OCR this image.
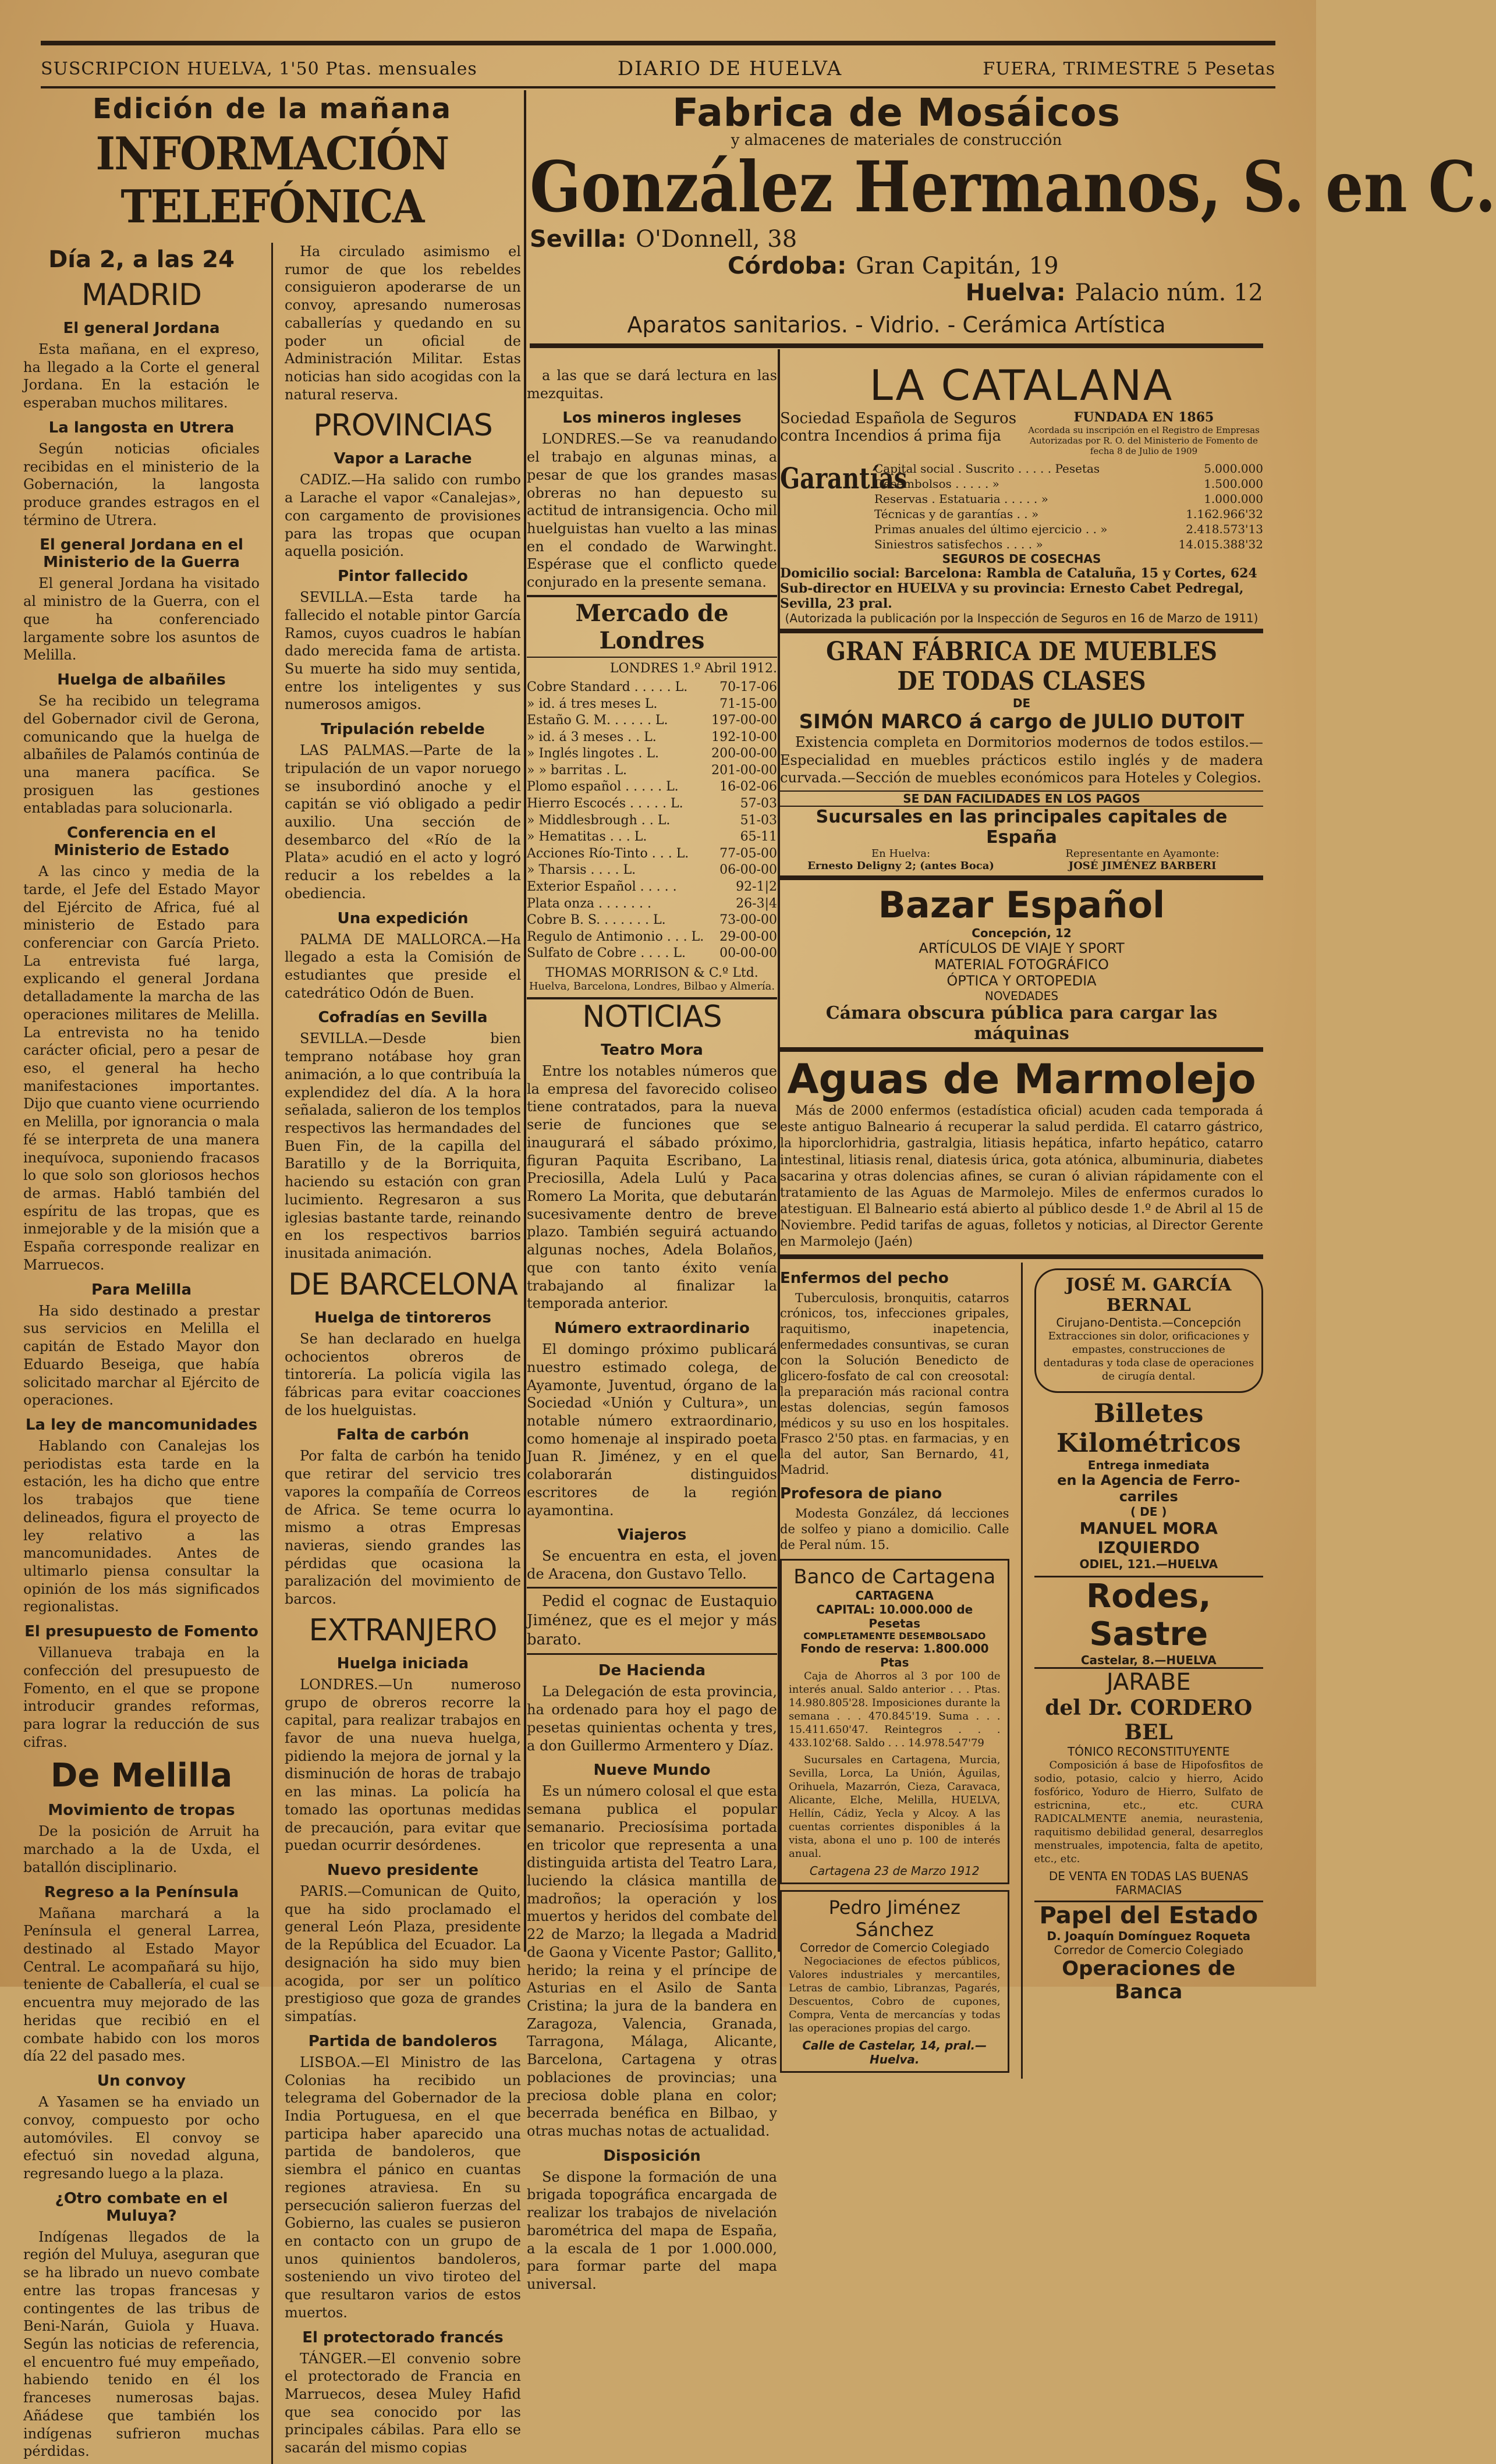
SUSCRIPCION HUELVA, 1'50 Ptas. mensuales	DIARIO DE HUELVA	FUERA, TRIMESTRE 5 Pesetas
Edición de la mañana
INFORMACIÓN TELEFÓNICA
Día 2, a las 24
MADRID
El general Jordana

Esta mañana, en el expreso, ha llegado a la Corte el general Jordana. En la estación le esperaban muchos militares.

La langosta en Utrera

Según noticias oficiales recibidas en el ministerio de la Gobernación, la langosta produce grandes estragos en el término de Utrera.

El general Jordana en el Ministerio de la Guerra

El general Jordana ha visitado al ministro de la Guerra, con el que ha conferenciado largamente sobre los asuntos de Melilla.

Huelga de albañiles

Se ha recibido un telegrama del Gobernador civil de Gerona, comunicando que la huelga de albañiles de Palamós continúa de una manera pacífica. Se prosiguen las gestiones entabladas para solucionarla.

Conferencia en el Ministerio de Estado

A las cinco y media de la tarde, el Jefe del Estado Mayor del Ejército de Africa, fué al ministerio de Estado para conferenciar con García Prieto. La entrevista fué larga, explicando el general Jordana detalladamente la marcha de las operaciones militares de Melilla. La entrevista no ha tenido carácter oficial, pero a pesar de eso, el general ha hecho manifestaciones importantes. Dijo que cuanto viene ocurriendo en Melilla, por ignorancia o mala fé se interpreta de una manera inequívoca, suponiendo fracasos lo que solo son gloriosos hechos de armas. Habló también del espíritu de las tropas, que es inmejorable y de la misión que a España corresponde realizar en Marruecos.

Para Melilla

Ha sido destinado a prestar sus servicios en Melilla el capitán de Estado Mayor don Eduardo Beseiga, que había solicitado marchar al Ejército de operaciones.

La ley de mancomunidades

Hablando con Canalejas los periodistas esta tarde en la estación, les ha dicho que entre los trabajos que tiene delineados, figura el proyecto de ley relativo a las mancomunidades. Antes de ultimarlo piensa consultar la opinión de los más significados regionalistas.

El presupuesto de Fomento

Villanueva trabaja en la confección del presupuesto de Fomento, en el que se propone introducir grandes reformas, para lograr la reducción de sus cifras.

De Melilla
Movimiento de tropas

De la posición de Arruit ha marchado a la de Uxda, el batallón disciplinario.

Regreso a la Península

Mañana marchará a la Península el general Larrea, destinado al Estado Mayor Central. Le acompañará su hijo, teniente de Caballería, el cual se encuentra muy mejorado de las heridas que recibió en el combate habido con los moros día 22 del pasado mes.

Un convoy

A Yasamen se ha enviado un convoy, compuesto por ocho automóviles. El convoy se efectuó sin novedad alguna, regresando luego a la plaza.

¿Otro combate en el Muluya?

Indígenas llegados de la región del Muluya, aseguran que se ha librado un nuevo combate entre las tropas francesas y contingentes de las tribus de Beni-Narán, Guiola y Huava. Según las noticias de referencia, el encuentro fué muy empeñado, habiendo tenido en él los franceses numerosas bajas. Añádese que también los indígenas sufrieron muchas pérdidas.

Ha circulado asimismo el rumor de que los rebeldes consiguieron apoderarse de un convoy, apresando numerosas caballerías y quedando en su poder un oficial de Administración Militar. Estas noticias han sido acogidas con la natural reserva.

PROVINCIAS
Vapor a Larache

CADIZ.—Ha salido con rumbo a Larache el vapor «Canalejas», con cargamento de provisiones para las tropas que ocupan aquella posición.

Pintor fallecido

SEVILLA.—Esta tarde ha fallecido el notable pintor García Ramos, cuyos cuadros le habían dado merecida fama de artista. Su muerte ha sido muy sentida, entre los inteligentes y sus numerosos amigos.

Tripulación rebelde

LAS PALMAS.—Parte de la tripulación de un vapor noruego se insubordinó anoche y el capitán se vió obligado a pedir auxilio. Una sección de desembarco del «Río de la Plata» acudió en el acto y logró reducir a los rebeldes a la obediencia.

Una expedición

PALMA DE MALLORCA.—Ha llegado a esta la Comisión de estudiantes que preside el catedrático Odón de Buen.

Cofradías en Sevilla

SEVILLA.—Desde bien temprano notábase hoy gran animación, a lo que contribuía la explendidez del día. A la hora señalada, salieron de los templos respectivos las hermandades del Buen Fin, de la capilla del Baratillo y de la Borriquita, haciendo su estación con gran lucimiento. Regresaron a sus iglesias bastante tarde, reinando en los respectivos barrios inusitada animación.

DE BARCELONA
Huelga de tintoreros

Se han declarado en huelga ochocientos obreros de tintorería. La policía vigila las fábricas para evitar coacciones de los huelguistas.

Falta de carbón

Por falta de carbón ha tenido que retirar del servicio tres vapores la compañía de Correos de Africa. Se teme ocurra lo mismo a otras Empresas navieras, siendo grandes las pérdidas que ocasiona la paralización del movimiento de barcos.

EXTRANJERO
Huelga iniciada

LONDRES.—Un numeroso grupo de obreros recorre la capital, para realizar trabajos en favor de una nueva huelga, pidiendo la mejora de jornal y la disminución de horas de trabajo en las minas. La policía ha tomado las oportunas medidas de precaución, para evitar que puedan ocurrir desórdenes.

Nuevo presidente

PARIS.—Comunican de Quito, que ha sido proclamado el general León Plaza, presidente de la República del Ecuador. La designación ha sido muy bien acogida, por ser un político prestigioso que goza de grandes simpatías.

Partida de bandoleros

LISBOA.—El Ministro de las Colonias ha recibido un telegrama del Gobernador de la India Portuguesa, en el que participa haber aparecido una partida de bandoleros, que siembra el pánico en cuantas regiones atraviesa. En su persecución salieron fuerzas del Gobierno, las cuales se pusieron en contacto con un grupo de unos quinientos bandoleros, sosteniendo un vivo tiroteo del que resultaron varios de estos muertos.

El protectorado francés

TÁNGER.—El convenio sobre el protectorado de Francia en Marruecos, desea Muley Hafid que sea conocido por las principales cábilas. Para ello se sacarán del mismo copias

Fabrica de Mosáicos
y almacenes de materiales de construcción
González Hermanos, S. en C.
Sevilla: O'Donnell, 38
Córdoba: Gran Capitán, 19
Huelva: Palacio núm. 12
Aparatos sanitarios. - Vidrio. - Cerámica Artística

a las que se dará lectura en las mezquitas.

Los mineros ingleses

LONDRES.—Se va reanudando el trabajo en algunas minas, a pesar de que los grandes masas obreras no han depuesto su actitud de intransigencia. Ocho mil huelguistas han vuelto a las minas en el condado de Warwinght. Espérase que el conflicto quede conjurado en la presente semana.

Mercado de Londres
LONDRES 1.º Abril 1912.
Cobre Standard . . . . . L. 70-17-06
» id. á tres meses L.	71-15-00
Estaño G. M. . . . . . L.	197-00-00
» id. á 3 meses . . L.	192-10-00
» Inglés lingotes . L.	200-00-00
» » barritas . L.	201-00-00
Plomo español . . . . . L.	16-02-06
Hierro Escocés . . . . . L.	57-03
» Middlesbrough . . L.	51-03
» Hematitas . . . L.	65-11
Acciones Río-Tinto . . . L. 77-05-00
» Tharsis . . . . L.	06-00-00
Exterior Español . . . . .	92-1|2
Plata onza . . . . . . .	26-3|4
Cobre B. S. . . . . . . L.	73-00-00
Regulo de Antimonio . . . L. 29-00-00
Sulfato de Cobre . . . . L.	00-00-00
THOMAS MORRISON & C.º Ltd.
Huelva, Barcelona, Londres, Bilbao y Almería.
NOTICIAS
Teatro Mora

Entre los notables números que la empresa del favorecido coliseo tiene contratados, para la nueva serie de funciones que se inaugurará el sábado próximo, figuran Paquita Escribano, La Preciosilla, Adela Lulú y Paca Romero La Morita, que debutarán sucesivamente dentro de breve plazo. También seguirá actuando algunas noches, Adela Bolaños, que con tanto éxito venía trabajando al finalizar la temporada anterior.

Número extraordinario

El domingo próximo publicará nuestro estimado colega, de Ayamonte, Juventud, órgano de la Sociedad «Unión y Cultura», un notable número extraordinario, como homenaje al inspirado poeta Juan R. Jiménez, y en el que colaborarán distinguidos escritores de la región ayamontina.

Viajeros

Se encuentra en esta, el joven de Aracena, don Gustavo Tello.

Pedid el cognac de Eustaquio Jiménez, que es el mejor y más barato.

De Hacienda

La Delegación de esta provincia, ha ordenado para hoy el pago de pesetas quinientas ochenta y tres, a don Guillermo Armentero y Díaz.

Nueve Mundo

Es un número colosal el que esta semana publica el popular semanario. Preciosísima portada en tricolor que representa a una distinguida artista del Teatro Lara, luciendo la clásica mantilla de madroños; la operación y los muertos y heridos del combate del 22 de Marzo; la llegada a Madrid de Gaona y Vicente Pastor; Gallito, herido; la reina y el príncipe de Asturias en el Asilo de Santa Cristina; la jura de la bandera en Zaragoza, Valencia, Granada, Tarragona, Málaga, Alicante, Barcelona, Cartagena y otras poblaciones de provincias; una preciosa doble plana en color; becerrada benéfica en Bilbao, y otras muchas notas de actualidad.

Disposición

Se dispone la formación de una brigada topográfica encargada de realizar los trabajos de nivelación barométrica del mapa de España, a la escala de 1 por 1.000.000, para formar parte del mapa universal.

LA CATALANA
Sociedad Española de Seguros contra Incendios á prima fija
FUNDADA EN 1865
Acordada su inscripción en el Registro de Empresas Autorizadas por R. O. del Ministerio de Fomento de fecha 8 de Julio de 1909
Garantías
Capital social . Suscrito . . . . . Pesetas	5.000.000
Desembolsos . . . . . »	1.500.000
Reservas . Estatuaria . . . . . »	1.000.000
Técnicas y de garantías . . »	1.162.966'32
Primas anuales del último ejercicio . . »	2.418.573'13
Siniestros satisfechos . . . . »	14.015.388'32
SEGUROS DE COSECHAS
Domicilio social: Barcelona: Rambla de Cataluña, 15 y Cortes, 624
Sub-director en HUELVA y su provincia: Ernesto Cabet Pedregal, Sevilla, 23 pral.
(Autorizada la publicación por la Inspección de Seguros en 16 de Marzo de 1911)
GRAN FÁBRICA DE MUEBLES DE TODAS CLASES
DE
SIMÓN MARCO á cargo de JULIO DUTOIT

Existencia completa en Dormitorios modernos de todos estilos.—Especialidad en muebles prácticos estilo inglés y de madera curvada.—Sección de muebles económicos para Hoteles y Colegios.

SE DAN FACILIDADES EN LOS PAGOS
Sucursales en las principales capitales de España
En Huelva:
Ernesto Deligny 2; (antes Boca)
Representante en Ayamonte:
JOSÉ JIMÉNEZ BARBERI
Bazar Español
Concepción, 12
ARTÍCULOS DE VIAJE Y SPORT
MATERIAL FOTOGRÁFICO
ÓPTICA Y ORTOPEDIA
NOVEDADES
Cámara obscura pública para cargar las máquinas
Aguas de Marmolejo

Más de 2000 enfermos (estadística oficial) acuden cada temporada á este antiguo Balneario á recuperar la salud perdida. El catarro gástrico, la hiporclorhidria, gastralgia, litiasis hepática, infarto hepático, catarro intestinal, litiasis renal, diatesis úrica, gota atónica, albuminuria, diabetes sacarina y otras dolencias afines, se curan ó alivian rápidamente con el tratamiento de las Aguas de Marmolejo. Miles de enfermos curados lo atestiguan. El Balneario está abierto al público desde 1.º de Abril al 15 de Noviembre. Pedid tarifas de aguas, folletos y noticias, al Director Gerente en Marmolejo (Jaén)

Enfermos del pecho

Tuberculosis, bronquitis, catarros crónicos, tos, infecciones gripales, raquitismo, inapetencia, enfermedades consuntivas, se curan con la Solución Benedicto de glicero-fosfato de cal con creosotal: la preparación más racional contra estas dolencias, según famosos médicos y su uso en los hospitales. Frasco 2'50 ptas. en farmacias, y en la del autor, San Bernardo, 41, Madrid.

Profesora de piano

Modesta González, dá lecciones de solfeo y piano a domicilio. Calle de Peral núm. 15.

Banco de Cartagena
CARTAGENA
CAPITAL: 10.000.000 de Pesetas
COMPLETAMENTE DESEMBOLSADO
Fondo de reserva: 1.800.000 Ptas

Caja de Ahorros al 3 por 100 de interés anual. Saldo anterior . . . Ptas. 14.980.805'28. Imposiciones durante la semana . . . 470.845'19. Suma . . . 15.411.650'47. Reintegros . . . 433.102'68. Saldo . . . 14.978.547'79

Sucursales en Cartagena, Murcia, Sevilla, Lorca, La Unión, Águilas, Orihuela, Mazarrón, Cieza, Caravaca, Alicante, Elche, Melilla, HUELVA, Hellín, Cádiz, Yecla y Alcoy. A las cuentas corrientes disponibles á la vista, abona el uno p. 100 de interés anual.

Cartagena 23 de Marzo 1912
Pedro Jiménez Sánchez
Corredor de Comercio Colegiado

Negociaciones de efectos públicos, Valores industriales y mercantiles, Letras de cambio, Libranzas, Pagarés, Descuentos, Cobro de cupones, Compra, Venta de mercancías y todas las operaciones propias del cargo.

Calle de Castelar, 14, pral.—Huelva.
JOSÉ M. GARCÍA BERNAL
Cirujano-Dentista.—Concepción

Extracciones sin dolor, orificaciones y empastes, construcciones de dentaduras y toda clase de operaciones de cirugía dental.

Billetes Kilométricos
Entrega inmediata
en la Agencia de Ferro-carriles
( DE )
MANUEL MORA IZQUIERDO
ODIEL, 121.—HUELVA
Rodes, Sastre
Castelar, 8.—HUELVA
JARABE
del Dr. CORDERO BEL
TÓNICO RECONSTITUYENTE

Composición á base de Hipofosfitos de sodio, potasio, calcio y hierro, Acido fosfórico, Yoduro de Hierro, Sulfato de estricnina, etc., etc. CURA RADICALMENTE anemia, neurastenia, raquitismo debilidad general, desarreglos menstruales, impotencia, falta de apetito, etc., etc.

DE VENTA EN TODAS LAS BUENAS FARMACIAS
Papel del Estado
D. Joaquín Domínguez Roqueta
Corredor de Comercio Colegiado
Operaciones de Banca
